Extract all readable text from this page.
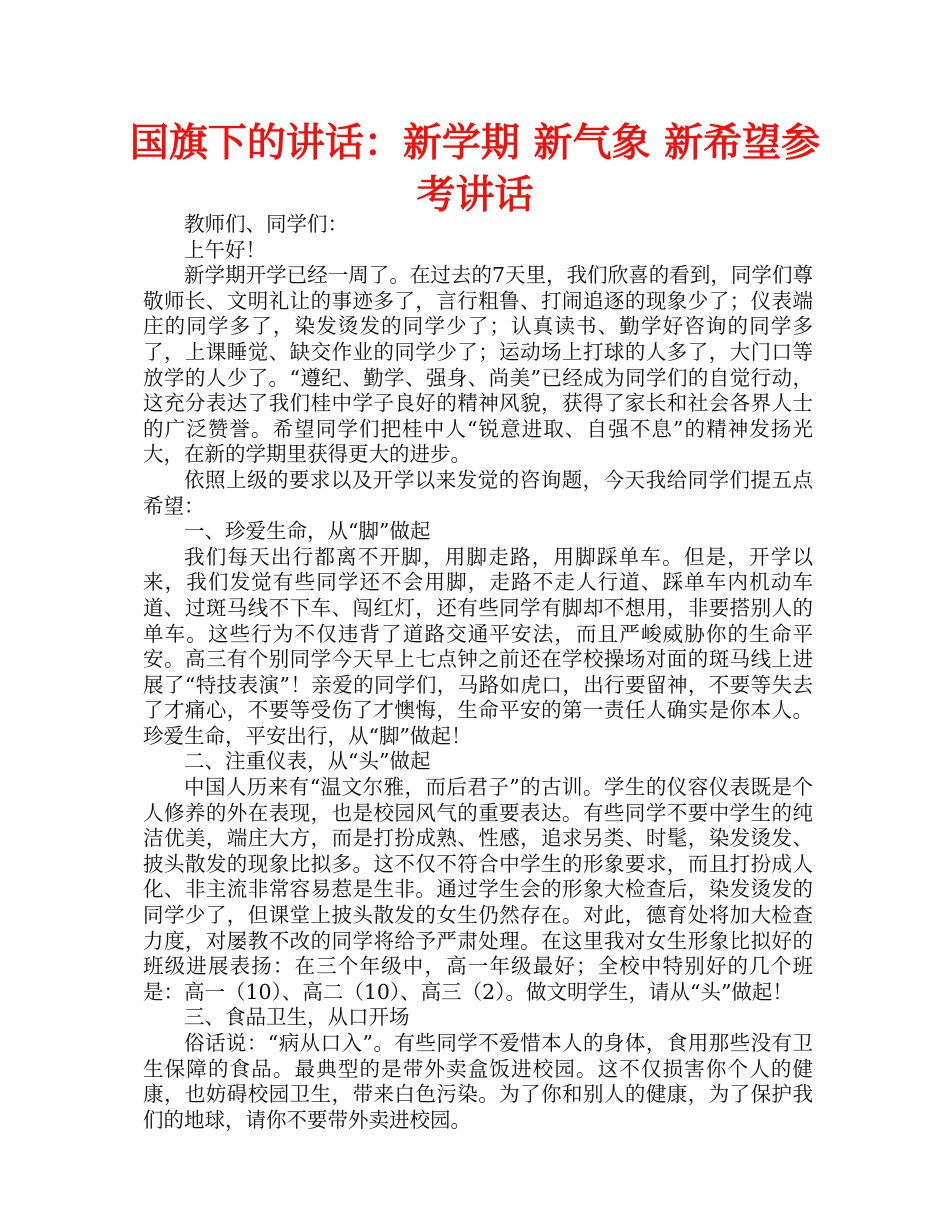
国旗下的讲话：新学期 新气象 新希望参考讲话

教师们、同学们：

上午好！

新学期开学已经一周了。在过去的7天里，我们欣喜的看到，同学们尊敬师长、文明礼让的事迹多了，言行粗鲁、打闹追逐的现象少了；仪表端庄的同学多了，染发烫发的同学少了；认真读书、勤学好咨询的同学多了，上课睡觉、缺交作业的同学少了；运动场上打球的人多了，大门口等放学的人少了。“遵纪、勤学、强身、尚美”已经成为同学们的自觉行动，这充分表达了我们桂中学子良好的精神风貌，获得了家长和社会各界人士的广泛赞誉。希望同学们把桂中人“锐意进取、自强不息”的精神发扬光大，在新的学期里获得更大的进步。

依照上级的要求以及开学以来发觉的咨询题，今天我给同学们提五点希望：

一、珍爱生命，从“脚”做起

我们每天出行都离不开脚，用脚走路，用脚踩单车。但是，开学以来，我们发觉有些同学还不会用脚，走路不走人行道、踩单车内机动车道、过斑马线不下车、闯红灯，还有些同学有脚却不想用，非要搭别人的单车。这些行为不仅违背了道路交通平安法，而且严峻威胁你的生命平安。高三有个别同学今天早上七点钟之前还在学校操场对面的斑马线上进展了“特技表演”！亲爱的同学们，马路如虎口，出行要留神，不要等失去了才痛心，不要等受伤了才懊悔，生命平安的第一责任人确实是你本人。珍爱生命，平安出行，从“脚”做起！

二、注重仪表，从“头”做起

中国人历来有“温文尔雅，而后君子”的古训。学生的仪容仪表既是个人修养的外在表现，也是校园风气的重要表达。有些同学不要中学生的纯洁优美，端庄大方，而是打扮成熟、性感，追求另类、时髦，染发烫发、披头散发的现象比拟多。这不仅不符合中学生的形象要求，而且打扮成人化、非主流非常容易惹是生非。通过学生会的形象大检查后，染发烫发的同学少了，但课堂上披头散发的女生仍然存在。对此，德育处将加大检查力度，对屡教不改的同学将给予严肃处理。在这里我对女生形象比拟好的班级进展表扬：在三个年级中，高一年级最好；全校中特别好的几个班是：高一（10）、高二（10）、高三（2）。做文明学生，请从“头”做起！

三、食品卫生，从口开场

俗话说：“病从口入”。有些同学不爱惜本人的身体，食用那些没有卫生保障的食品。最典型的是带外卖盒饭进校园。这不仅损害你个人的健康，也妨碍校园卫生，带来白色污染。为了你和别人的健康，为了保护我们的地球，请你不要带外卖进校园。
